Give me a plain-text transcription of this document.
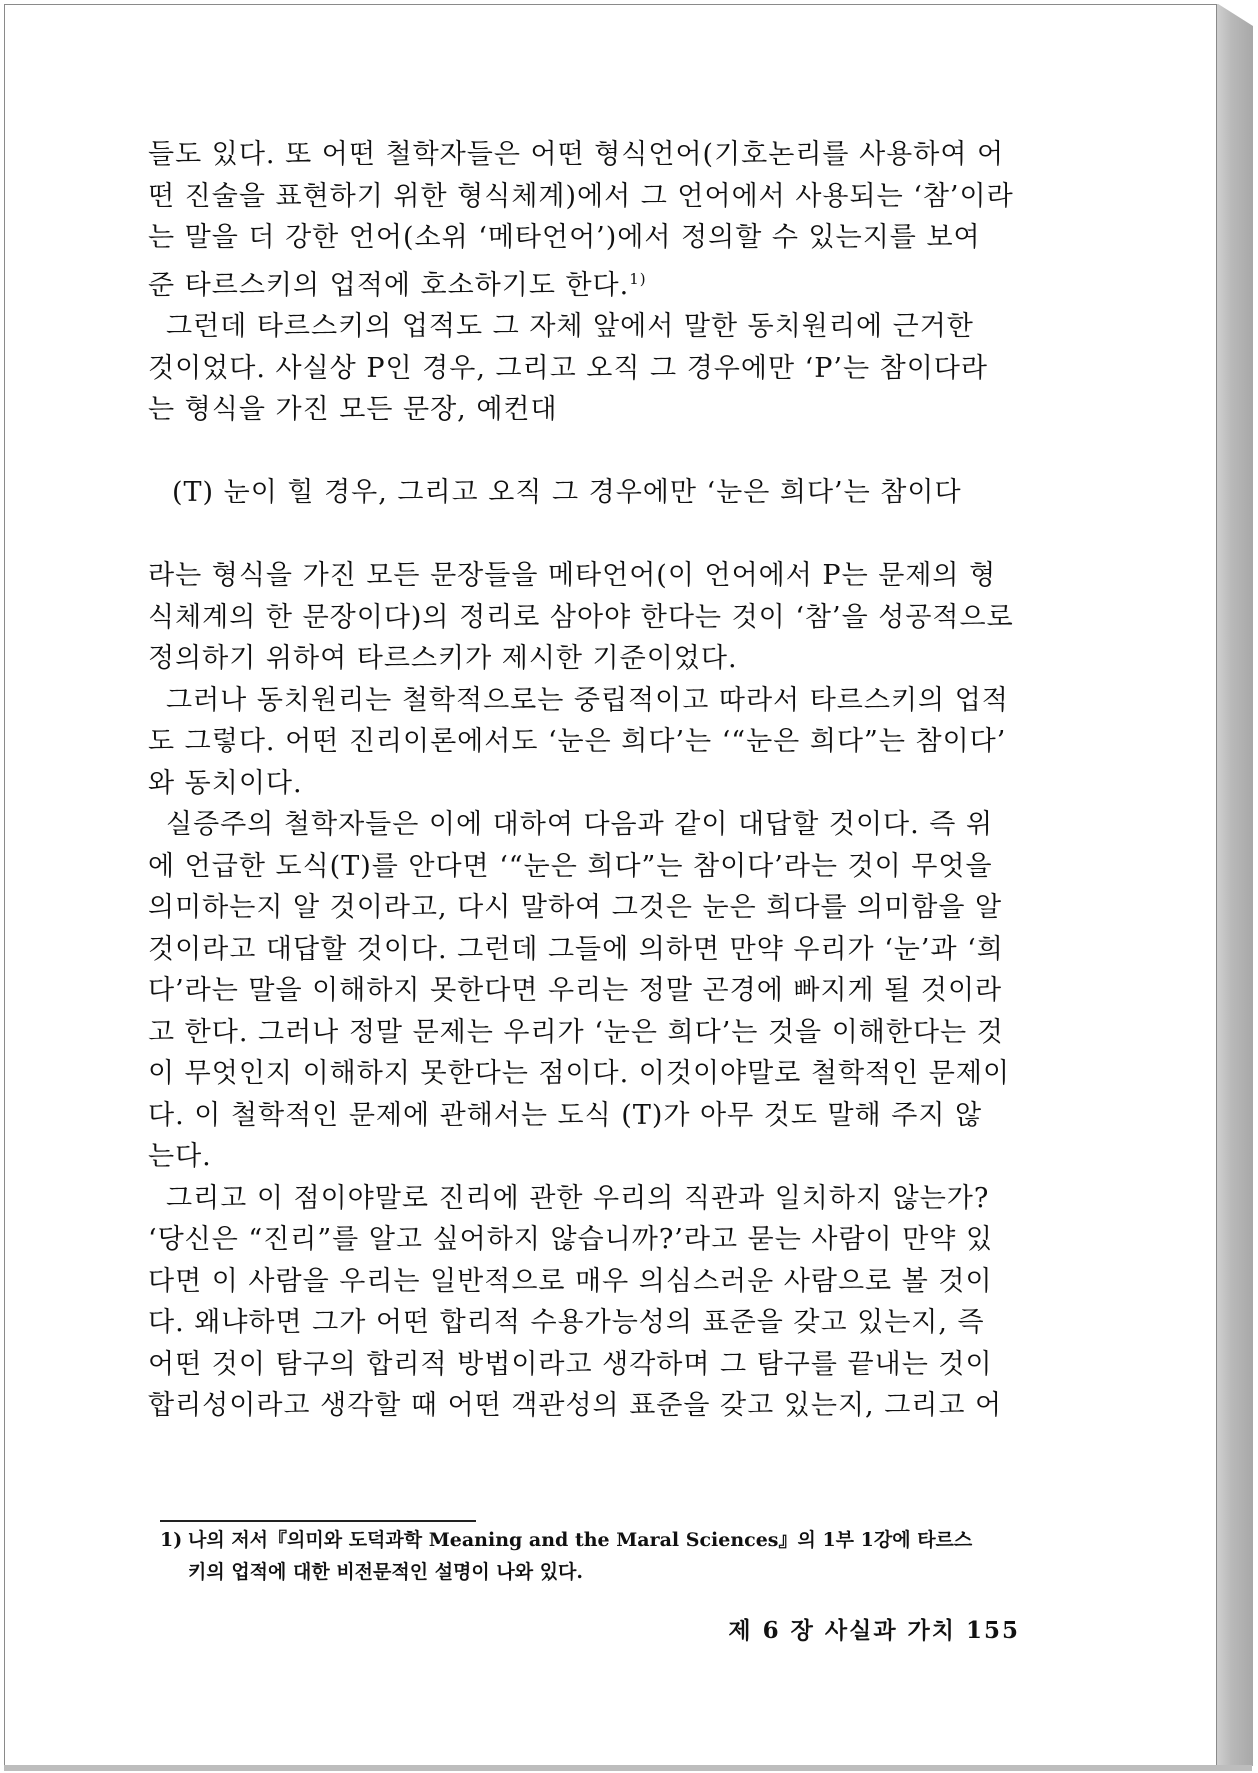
들도 있다. 또 어떤 철학자들은 어떤 형식언어(기호논리를 사용하여 어

떤 진술을 표현하기 위한 형식체계)에서 그 언어에서 사용되는 ‘참’이라

는 말을 더 강한 언어(소위 ‘메타언어’)에서 정의할 수 있는지를 보여

준 타르스키의 업적에 호소하기도 한다.$^{1)}$

그런데 타르스키의 업적도 그 자체 앞에서 말한 동치원리에 근거한

것이었다. 사실상 P인 경우, 그리고 오직 그 경우에만 ‘P’는 참이다라

는 형식을 가진 모든 문장, 예컨대

(T) 눈이 힐 경우, 그리고 오직 그 경우에만 ‘눈은 희다’는 참이다

라는 형식을 가진 모든 문장들을 메타언어(이 언어에서 P는 문제의 형

식체계의 한 문장이다)의 정리로 삼아야 한다는 것이 ‘참’을 성공적으로

정의하기 위하여 타르스키가 제시한 기준이었다.

그러나 동치원리는 철학적으로는 중립적이고 따라서 타르스키의 업적

도 그렇다. 어떤 진리이론에서도 ‘눈은 희다’는 ‘“눈은 희다”는 참이다’

와 동치이다.

실증주의 철학자들은 이에 대하여 다음과 같이 대답할 것이다. 즉 위

에 언급한 도식(T)를 안다면 ‘“눈은 희다”는 참이다’라는 것이 무엇을

의미하는지 알 것이라고, 다시 말하여 그것은 눈은 희다를 의미함을 알

것이라고 대답할 것이다. 그런데 그들에 의하면 만약 우리가 ‘눈’과 ‘희

다’라는 말을 이해하지 못한다면 우리는 정말 곤경에 빠지게 될 것이라

고 한다. 그러나 정말 문제는 우리가 ‘눈은 희다’는 것을 이해한다는 것

이 무엇인지 이해하지 못한다는 점이다. 이것이야말로 철학적인 문제이

다. 이 철학적인 문제에 관해서는 도식 (T)가 아무 것도 말해 주지 않

는다.

그리고 이 점이야말로 진리에 관한 우리의 직관과 일치하지 않는가?

‘당신은 “진리”를 알고 싶어하지 않습니까?’라고 묻는 사람이 만약 있

다면 이 사람을 우리는 일반적으로 매우 의심스러운 사람으로 볼 것이

다. 왜냐하면 그가 어떤 합리적 수용가능성의 표준을 갖고 있는지, 즉

어떤 것이 탐구의 합리적 방법이라고 생각하며 그 탐구를 끝내는 것이

합리성이라고 생각할 때 어떤 객관성의 표준을 갖고 있는지, 그리고 어

1) 나의 저서『의미와 도덕과학 Meaning and the Maral Sciences』의 1부 1강에 타르스
키의 업적에 대한 비전문적인 설명이 나와 있다.
제 6 장 사실과 가치 155
